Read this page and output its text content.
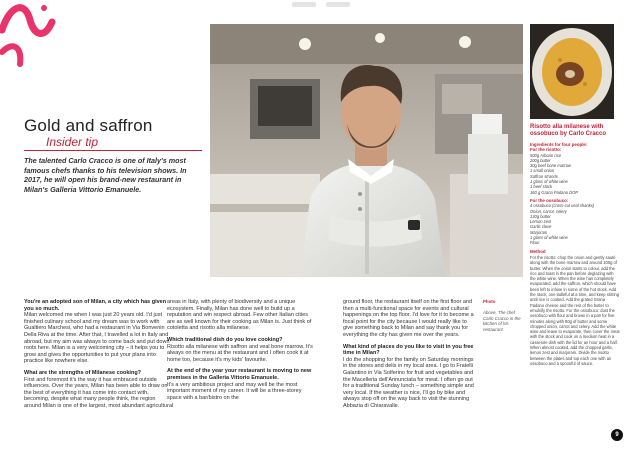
Gold and saffron
Insider tip
The talented Carlo Cracco is one of Italy's most famous chefs thanks to his television shows. In 2017, he will open his brand-new restaurant in Milan's Galleria Vittorio Emanuele.
Risotto alla milanese with ossobuco by Carlo Cracco
Ingredients for four people:
For the risotto:
500g Arborio rice
200g butter
30g beef bone marrow
1 small onion
Saffron strands
1 glass of white wine
1 beef stock
160 g Grana Padano DOP
For the ossobuco:
4 ossobuco (cross-cut veal shanks)
Onion, carrot, celery
130g butter
Lemon zest
Garlic clove
Marjoram
1 glass of white wine
Flour
Method
For the risotto: chop the onion and gently sauté along with the bone marrow and around 100g of butter. When the onion starts to colour, add the rice and toast in the pan before deglazing with the white wine. When the wine has completely evaporated, add the saffron, which should have been left to infuse in some of the hot stock. Add the stock, one ladleful at a time, and keep stirring until rice is cooked. Add the grated Grana Padano cheese and the rest of the butter to emulsify the risotto. For the ossobuco: dust the ossobuco with flour and brown in a pan for five minutes along with 80g of butter and some chopped onion, carrot and celery. Add the white wine and leave to evaporate, then cover the meat with the stock and cook on a medium heat in a casserole dish with the lid for an hour and a half. When almost cooked, add the chopped garlic, lemon zest and marjoram. Divide the risotto between the plates and top each one with an ossobuco and a spoonful of sauce.
You're an adopted son of Milan, a city which has given you so much.
Milan welcomed me when I was just 20 years old. I'd just finished culinary school and my dream was to work with Gualtiero Marchesi, who had a restaurant in Via Bonvenin Della Riva at the time. After that, I travelled a lot in Italy and abroad, but my aim was always to come back and put down roots here. Milan is a very welcoming city – it helps you to grow and gives the opportunities to put your plans into practice like nowhere else.
What are the strengths of Milanese cooking?
First and foremost it's the way it has embraced outside influences. Over the years, Milan has been able to draw on the best of everything it has come into contact with, becoming, despite what many people think, the region around Milan is one of the largest, most abundant agricultural
areas in Italy, with plenty of biodiversity and a unique ecosystem. Finally, Milan has done well to build up a reputation and win respect abroad. Few other Italian cities are as well known for their cooking as Milan is. Just think of cotoletta and risotto alla milanese.
Which traditional dish do you love cooking?
Risotto alla milanese with saffron and veal bone marrow. It's always on the menu at the restaurant and I often cook it at home too, because it's my kids' favourite.
At the end of the year your restaurant is moving to new premises in the Galleria Vittorio Emanuele.
It's a very ambitious project and may well be the most important moment of my career. It will be a three-storey space with a bar/bistro on the
ground floor, the restaurant itself on the first floor and then a multi-functional space for events and cultural happenings on the top floor. I'd love for it to become a focal point for the city because I would really like to give something back to Milan and say thank you for everything the city has given me over the years.
What kind of places do you like to visit in you free time in Milan?
I do the shopping for the family on Saturday mornings in the stores and delis in my local area. I go to Fratelli Galantino in Via Solferino for fruit and vegetables and the Macelleria dell'Annunciata for meat. I often go out for a traditional Sunday lunch – something simple and very local. If the weather is nice, I'll go by bike and always stop off on the way back to visit the stunning Abbazia di Chiaravalle.
Photo
Above, The chef Carlo Cracco in the kitchen of his restaurant
9
